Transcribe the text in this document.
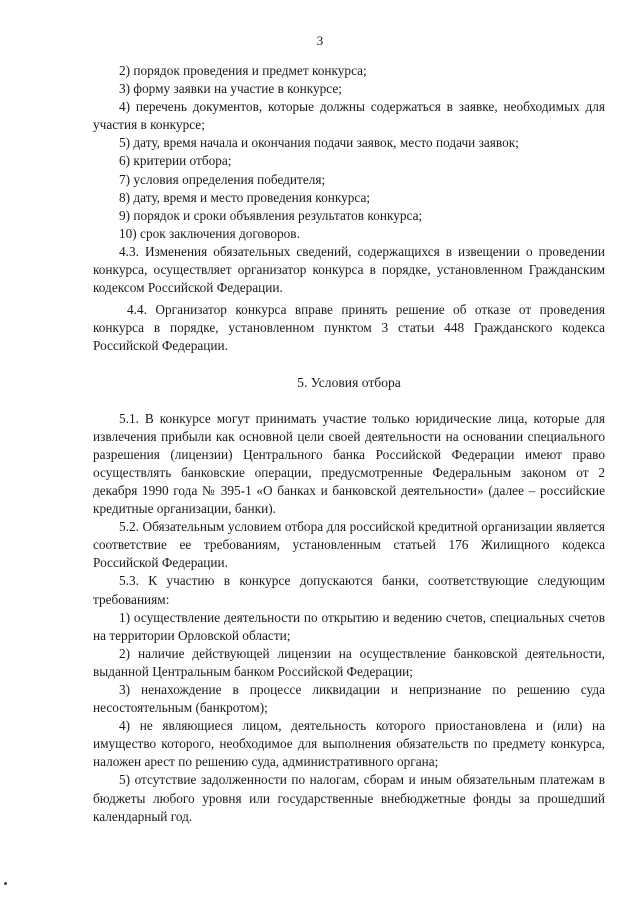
3

2) порядок проведения и предмет конкурса;

3) форму заявки на участие в конкурсе;

4) перечень документов, которые должны содержаться в заявке, необходимых для участия в конкурсе;

5) дату, время начала и окончания подачи заявок, место подачи заявок;

6) критерии отбора;

7) условия определения победителя;

8) дату, время и место проведения конкурса;

9) порядок и сроки объявления результатов конкурса;

10) срок заключения договоров.

4.3. Изменения обязательных сведений, содержащихся в извещении о проведении конкурса, осуществляет организатор конкурса в порядке, установленном Гражданским кодексом Российской Федерации.

4.4. Организатор конкурса вправе принять решение об отказе от проведения конкурса в порядке, установленном пунктом 3 статьи 448 Гражданского кодекса Российской Федерации.

5. Условия отбора

5.1. В конкурсе могут принимать участие только юридические лица, которые для извлечения прибыли как основной цели своей деятельности на основании специального разрешения (лицензии) Центрального банка Российской Федерации имеют право осуществлять банковские операции, предусмотренные Федеральным законом от 2 декабря 1990 года № 395-1 «О банках и банковской деятельности» (далее – российские кредитные организации, банки).

5.2. Обязательным условием отбора для российской кредитной организации является соответствие ее требованиям, установленным статьей 176 Жилищного кодекса Российской Федерации.

5.3. К участию в конкурсе допускаются банки, соответствующие следующим требованиям:

1) осуществление деятельности по открытию и ведению счетов, специальных счетов на территории Орловской области;

2) наличие действующей лицензии на осуществление банковской деятельности, выданной Центральным банком Российской Федерации;

3) ненахождение в процессе ликвидации и непризнание по решению суда несостоятельным (банкротом);

4) не являющиеся лицом, деятельность которого приостановлена и (или) на имущество которого, необходимое для выполнения обязательств по предмету конкурса, наложен арест по решению суда, административного органа;

5) отсутствие задолженности по налогам, сборам и иным обязательным платежам в бюджеты любого уровня или государственные внебюджетные фонды за прошедший календарный год.
